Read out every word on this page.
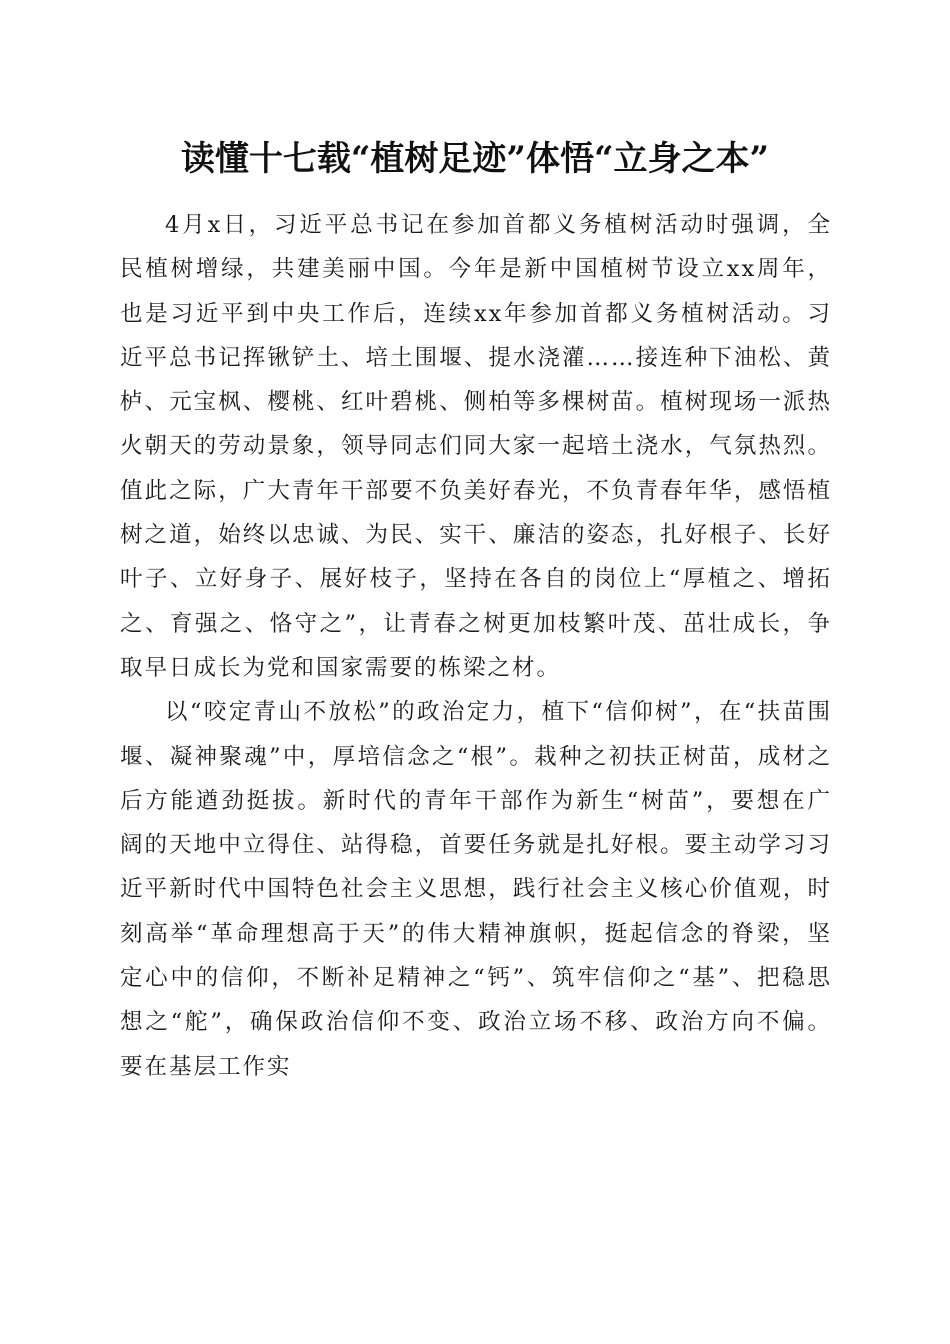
读懂十七载“植树足迹”体悟“立身之本”

4月x日，习近平总书记在参加首都义务植树活动时强调，全民植树增绿，共建美丽中国。今年是新中国植树节设立xx周年，也是习近平到中央工作后，连续xx年参加首都义务植树活动。习近平总书记挥锹铲土、培土围堰、提水浇灌……接连种下油松、黄栌、元宝枫、樱桃、红叶碧桃、侧柏等多棵树苗。植树现场一派热火朝天的劳动景象，领导同志们同大家一起培土浇水，气氛热烈。值此之际，广大青年干部要不负美好春光，不负青春年华，感悟植树之道，始终以忠诚、为民、实干、廉洁的姿态，扎好根子、长好叶子、立好身子、展好枝子，坚持在各自的岗位上“厚植之、增拓之、育强之、恪守之”，让青春之树更加枝繁叶茂、茁壮成长，争取早日成长为党和国家需要的栋梁之材。

以“咬定青山不放松”的政治定力，植下“信仰树”，在“扶苗围堰、凝神聚魂”中，厚培信念之“根”。栽种之初扶正树苗，成材之后方能遒劲挺拔。新时代的青年干部作为新生“树苗”，要想在广阔的天地中立得住、站得稳，首要任务就是扎好根。要主动学习习近平新时代中国特色社会主义思想，践行社会主义核心价值观，时刻高举“革命理想高于天”的伟大精神旗帜，挺起信念的脊梁，坚定心中的信仰，不断补足精神之“钙”、筑牢信仰之“基”、把稳思想之“舵”，确保政治信仰不变、政治立场不移、政治方向不偏。要在基层工作实
